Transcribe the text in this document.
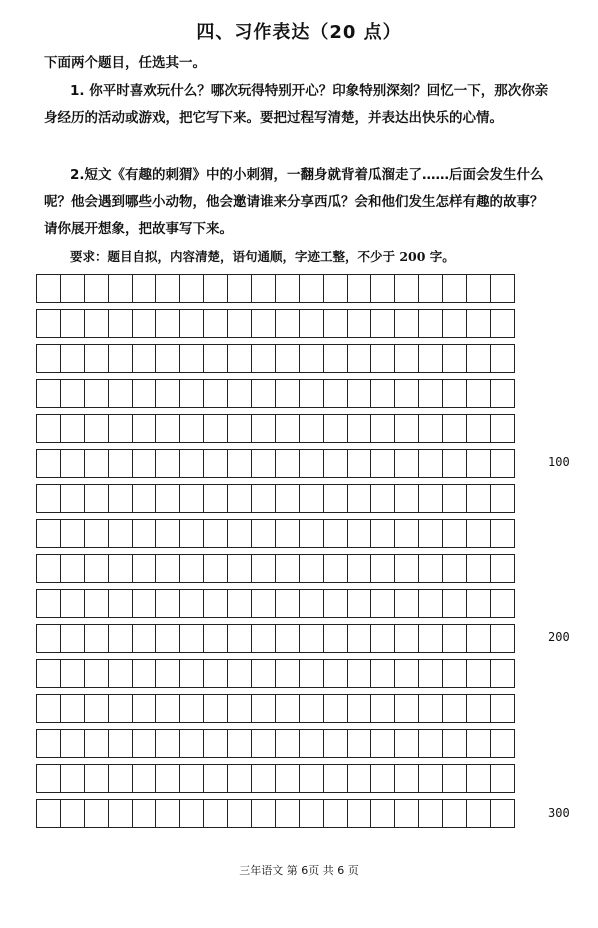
四、习作表达（20 点）
下面两个题目，任选其一。
1. 你平时喜欢玩什么？哪次玩得特别开心？印象特别深刻？回忆一下，那次你亲身经历的活动或游戏，把它写下来。要把过程写清楚，并表达出快乐的心情。
2.短文《有趣的刺猬》中的小刺猬，一翻身就背着瓜溜走了……后面会发生什么呢？他会遇到哪些小动物，他会邀请谁来分享西瓜？会和他们发生怎样有趣的故事？请你展开想象，把故事写下来。
要求：题目自拟，内容清楚，语句通顺，字迹工整，不少于 200 字。
100
200
300
三年语文 第 6页 共 6 页
